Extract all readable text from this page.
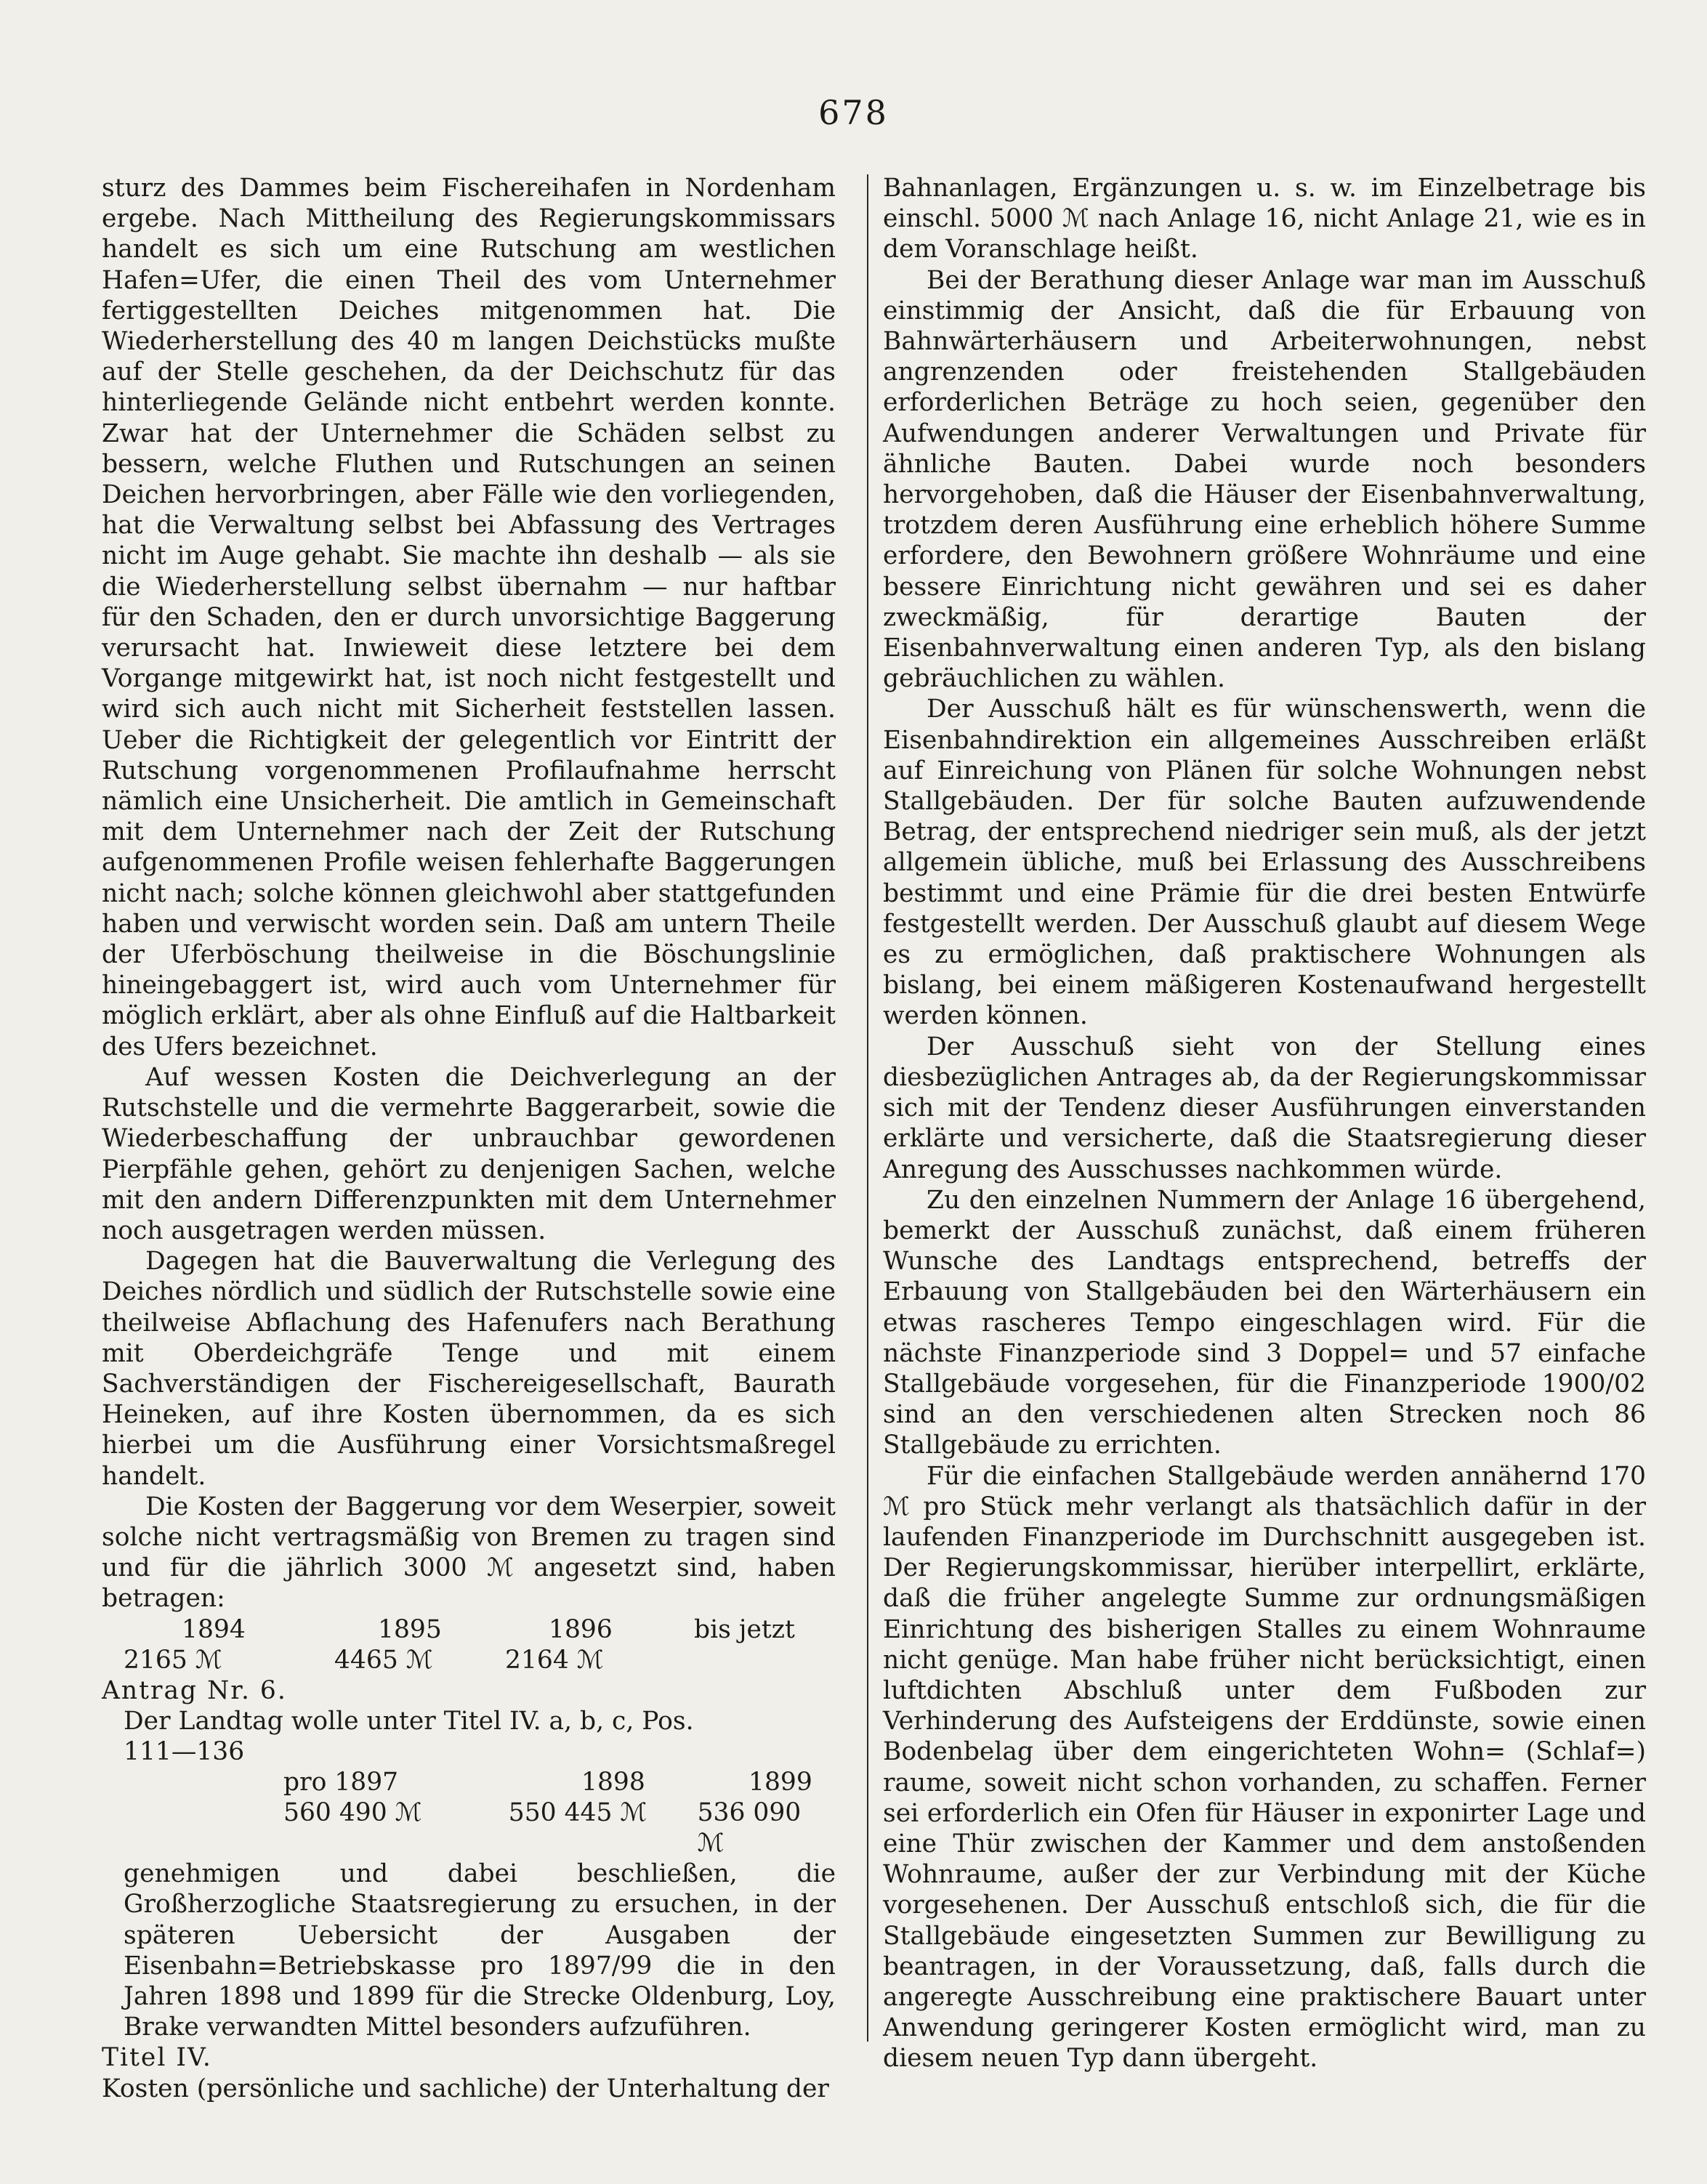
678

sturz des Dammes beim Fischereihafen in Nordenham ergebe. Nach Mittheilung des Regierungskommissars handelt es sich um eine Rutschung am westlichen Hafen=Ufer, die einen Theil des vom Unternehmer fertiggestellten Deiches mitgenommen hat. Die Wiederherstellung des 40 m langen Deichstücks mußte auf der Stelle geschehen, da der Deichschutz für das hinterliegende Gelände nicht entbehrt werden konnte. Zwar hat der Unternehmer die Schäden selbst zu bessern, welche Fluthen und Rutschungen an seinen Deichen hervorbringen, aber Fälle wie den vorliegenden, hat die Verwaltung selbst bei Abfassung des Vertrages nicht im Auge gehabt. Sie machte ihn deshalb — als sie die Wiederherstellung selbst übernahm — nur haftbar für den Schaden, den er durch unvorsichtige Baggerung verursacht hat. Inwieweit diese letztere bei dem Vorgange mitgewirkt hat, ist noch nicht festgestellt und wird sich auch nicht mit Sicherheit feststellen lassen. Ueber die Richtigkeit der gelegentlich vor Eintritt der Rutschung vorgenommenen Profilaufnahme herrscht nämlich eine Unsicherheit. Die amtlich in Gemeinschaft mit dem Unternehmer nach der Zeit der Rutschung aufgenommenen Profile weisen fehlerhafte Baggerungen nicht nach; solche können gleichwohl aber stattgefunden haben und verwischt worden sein. Daß am untern Theile der Uferböschung theilweise in die Böschungslinie hineingebaggert ist, wird auch vom Unternehmer für möglich erklärt, aber als ohne Einfluß auf die Haltbarkeit des Ufers bezeichnet.

Auf wessen Kosten die Deichverlegung an der Rutschstelle und die vermehrte Baggerarbeit, sowie die Wiederbeschaffung der unbrauchbar gewordenen Pierpfähle gehen, gehört zu denjenigen Sachen, welche mit den andern Differenzpunkten mit dem Unternehmer noch ausgetragen werden müssen.

Dagegen hat die Bauverwaltung die Verlegung des Deiches nördlich und südlich der Rutschstelle sowie eine theilweise Abflachung des Hafenufers nach Berathung mit Oberdeichgräfe Tenge und mit einem Sachverständigen der Fischereigesellschaft, Baurath Heineken, auf ihre Kosten übernommen, da es sich hierbei um die Ausführung einer Vorsichtsmaßregel handelt.

Die Kosten der Baggerung vor dem Weserpier, soweit solche nicht vertragsmäßig von Bremen zu tragen sind und für die jährlich 3000 ℳ angesetzt sind, haben betragen:

1894	1895	1896	bis jetzt
2165 ℳ	4465 ℳ	2164 ℳ

Antrag Nr. 6.

Der Landtag wolle unter Titel IV. a, b, c, Pos.

111—136

pro 1897	1898	1899
560 490 ℳ	550 445 ℳ	536 090 ℳ

genehmigen und dabei beschließen, die Großherzogliche Staatsregierung zu ersuchen, in der späteren Uebersicht der Ausgaben der Eisenbahn=Betriebskasse pro 1897/99 die in den Jahren 1898 und 1899 für die Strecke Oldenburg, Loy, Brake verwandten Mittel besonders aufzuführen.

Titel IV.

Kosten (persönliche und sachliche) der Unterhaltung der

Bahnanlagen, Ergänzungen u. s. w. im Einzelbetrage bis einschl. 5000 ℳ nach Anlage 16, nicht Anlage 21, wie es in dem Voranschlage heißt.

Bei der Berathung dieser Anlage war man im Ausschuß einstimmig der Ansicht, daß die für Erbauung von Bahnwärterhäusern und Arbeiterwohnungen, nebst angrenzenden oder freistehenden Stallgebäuden erforderlichen Beträge zu hoch seien, gegenüber den Aufwendungen anderer Verwaltungen und Private für ähnliche Bauten. Dabei wurde noch besonders hervorgehoben, daß die Häuser der Eisenbahnverwaltung, trotzdem deren Ausführung eine erheblich höhere Summe erfordere, den Bewohnern größere Wohnräume und eine bessere Einrichtung nicht gewähren und sei es daher zweckmäßig, für derartige Bauten der Eisenbahnverwaltung einen anderen Typ, als den bislang gebräuchlichen zu wählen.

Der Ausschuß hält es für wünschenswerth, wenn die Eisenbahndirektion ein allgemeines Ausschreiben erläßt auf Einreichung von Plänen für solche Wohnungen nebst Stallgebäuden. Der für solche Bauten aufzuwendende Betrag, der entsprechend niedriger sein muß, als der jetzt allgemein übliche, muß bei Erlassung des Ausschreibens bestimmt und eine Prämie für die drei besten Entwürfe festgestellt werden. Der Ausschuß glaubt auf diesem Wege es zu ermöglichen, daß praktischere Wohnungen als bislang, bei einem mäßigeren Kostenaufwand hergestellt werden können.

Der Ausschuß sieht von der Stellung eines diesbezüglichen Antrages ab, da der Regierungskommissar sich mit der Tendenz dieser Ausführungen einverstanden erklärte und versicherte, daß die Staatsregierung dieser Anregung des Ausschusses nachkommen würde.

Zu den einzelnen Nummern der Anlage 16 übergehend, bemerkt der Ausschuß zunächst, daß einem früheren Wunsche des Landtags entsprechend, betreffs der Erbauung von Stallgebäuden bei den Wärterhäusern ein etwas rascheres Tempo eingeschlagen wird. Für die nächste Finanzperiode sind 3 Doppel= und 57 einfache Stallgebäude vorgesehen, für die Finanzperiode 1900/02 sind an den verschiedenen alten Strecken noch 86 Stallgebäude zu errichten.

Für die einfachen Stallgebäude werden annähernd 170 ℳ pro Stück mehr verlangt als thatsächlich dafür in der laufenden Finanzperiode im Durchschnitt ausgegeben ist. Der Regierungskommissar, hierüber interpellirt, erklärte, daß die früher angelegte Summe zur ordnungsmäßigen Einrichtung des bisherigen Stalles zu einem Wohnraume nicht genüge. Man habe früher nicht berücksichtigt, einen luftdichten Abschluß unter dem Fußboden zur Verhinderung des Aufsteigens der Erddünste, sowie einen Bodenbelag über dem eingerichteten Wohn= (Schlaf=) raume, soweit nicht schon vorhanden, zu schaffen. Ferner sei erforderlich ein Ofen für Häuser in exponirter Lage und eine Thür zwischen der Kammer und dem anstoßenden Wohnraume, außer der zur Verbindung mit der Küche vorgesehenen. Der Ausschuß entschloß sich, die für die Stallgebäude eingesetzten Summen zur Bewilligung zu beantragen, in der Voraussetzung, daß, falls durch die angeregte Ausschreibung eine praktischere Bauart unter Anwendung geringerer Kosten ermöglicht wird, man zu diesem neuen Typ dann übergeht.
